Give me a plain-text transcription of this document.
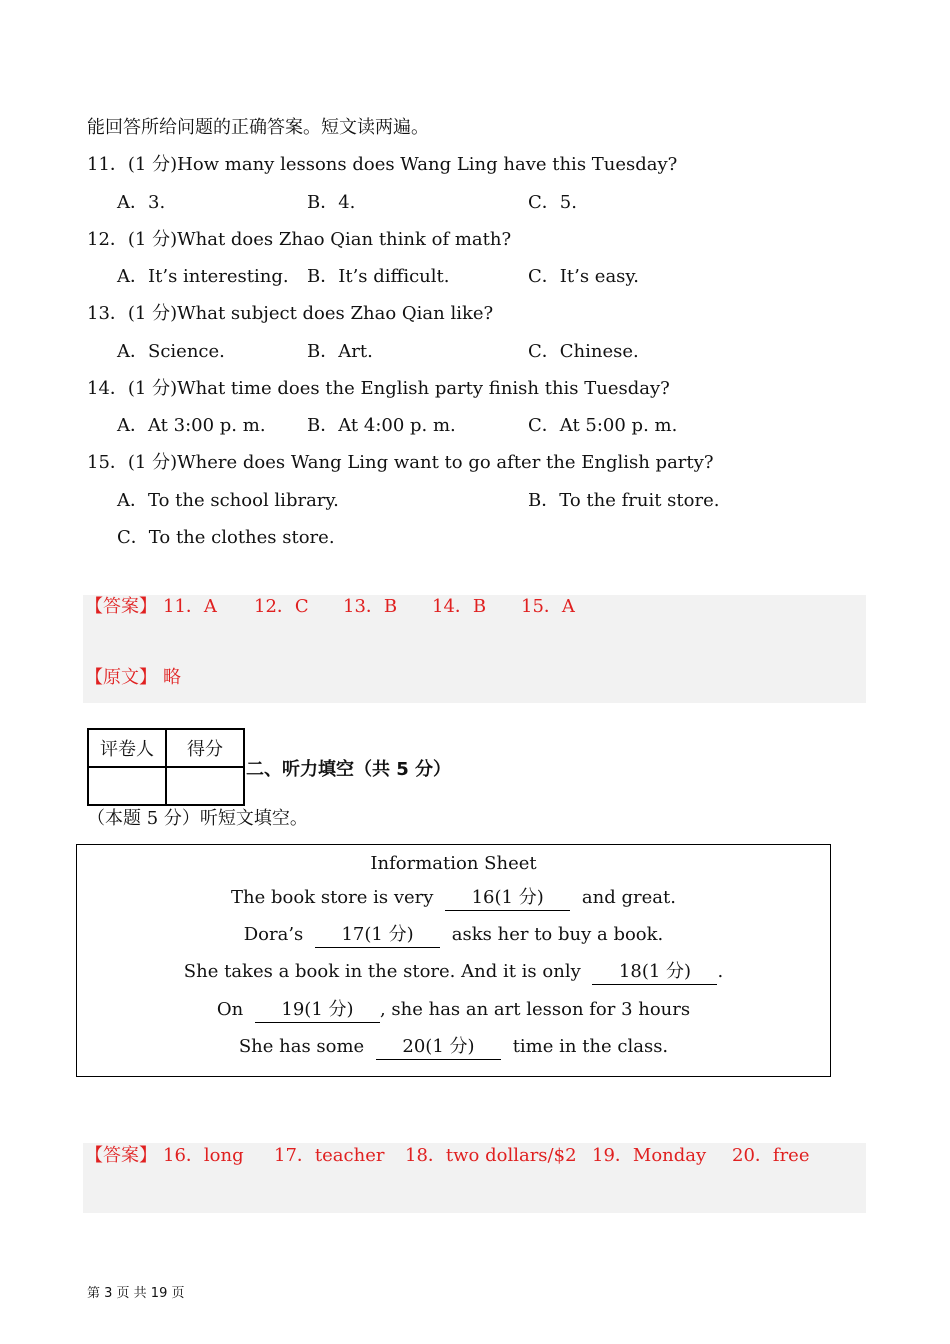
能回答所给问题的正确答案。短文读两遍。
11．(1 分)How many lessons does Wang Ling have this Tuesday?
A．3.	B．4.	C．5.
12．(1 分)What does Zhao Qian think of math?
A．It’s interesting. B．It’s difficult.	C．It’s easy.
13．(1 分)What subject does Zhao Qian like?
A．Science.	B．Art.	C．Chinese.
14．(1 分)What time does the English party finish this Tuesday?
A．At 3:00 p. m. B．At 4:00 p. m.	C．At 5:00 p. m.
15．(1 分)Where does Wang Ling want to go after the English party?
A．To the school library.	B．To the fruit store.
C．To the clothes store.
【答案】 11．A 12．C 13．B 14．B 15．A
【原文】 略
评卷人	得分

二、听力填空（共 5 分）
（本题 5 分）听短文填空。
Information Sheet
The book store is very 16(1 分) and great.
Dora’s 17(1 分) asks her to buy a book.
She takes a book in the store. And it is only 18(1 分) .
On 19(1 分) , she has an art lesson for 3 hours
She has some 20(1 分) time in the class.
【答案】 16．long 17．teacher 18．two dollars/$2 19．Monday 20．free
第 3 页 共 19 页
